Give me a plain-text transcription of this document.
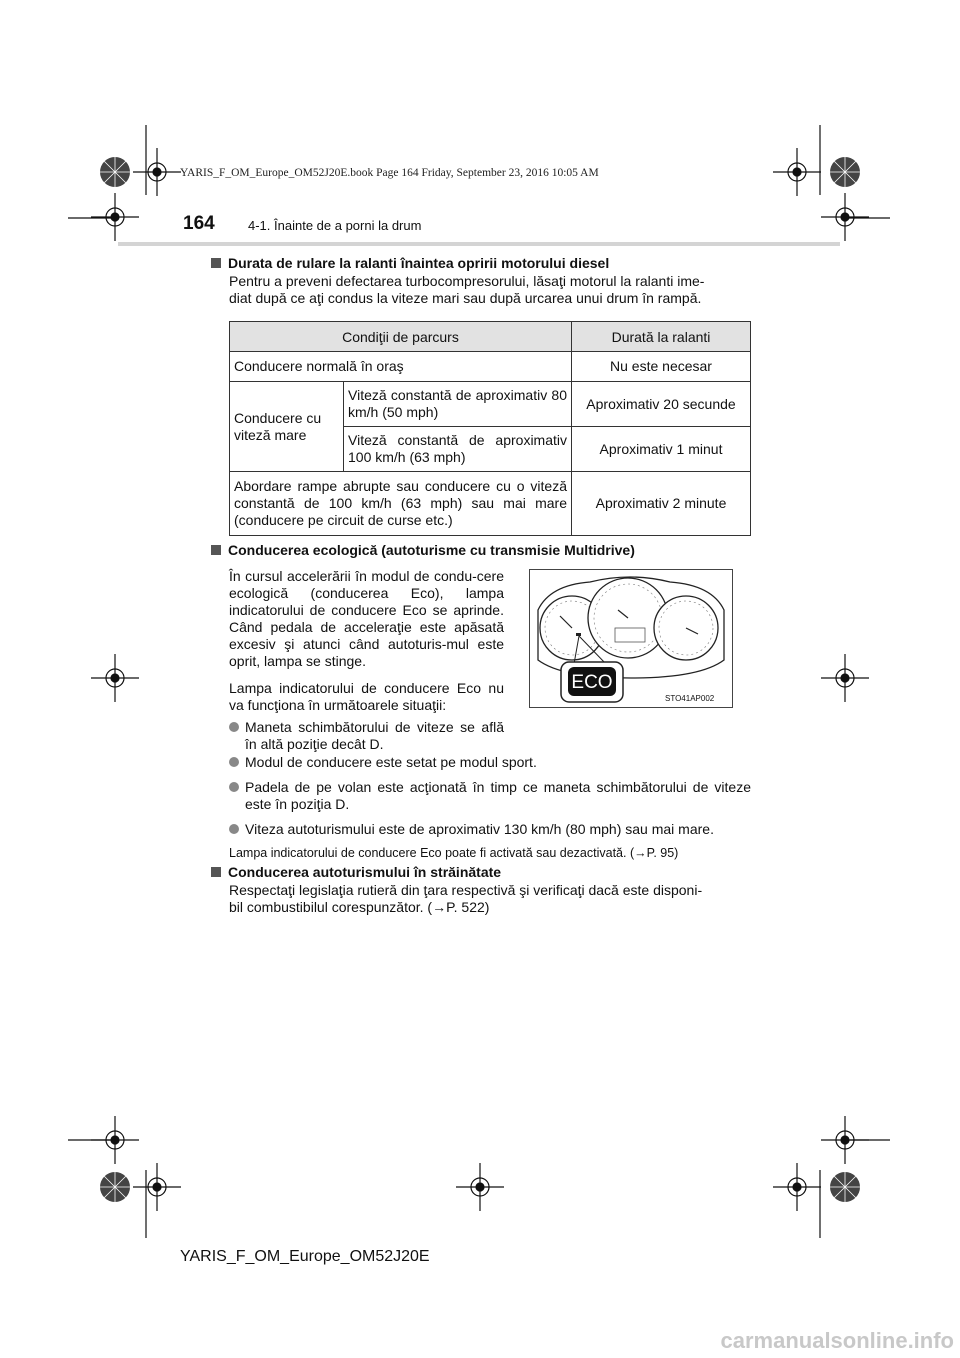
YARIS_F_OM_Europe_OM52J20E.book Page 164 Friday, September 23, 2016 10:05 AM
164	4-1. Înainte de a porni la drum
Durata de rulare la ralanti înaintea opririi motorului diesel
Pentru a preveni defectarea turbocompresorului, lăsaţi motorul la ralanti ime-
diat după ce aţi condus la viteze mari sau după urcarea unui drum în rampă.
Condiţii de parcurs		Durată la ralanti
Conducere normală în oraş		Nu este necesar
Conducere cu viteză mare	Viteză constantă de aproximativ 80 km/h (50 mph)	Aproximativ 20 secunde
	Viteză constantă de aproximativ 100 km/h (63 mph)	Aproximativ 1 minut
Abordare rampe abrupte sau conducere cu o viteză constantă de 100 km/h (63 mph) sau mai mare (conducere pe circuit de curse etc.)		Aproximativ 2 minute
Conducerea ecologică (autoturisme cu transmisie Multidrive)
În cursul accelerării în modul de condu-cere ecologică (conducerea Eco), lampa indicatorului de conducere Eco se aprinde. Când pedala de acceleraţie este apăsată excesiv şi atunci când autoturis-mul este oprit, lampa se stinge.
Lampa indicatorului de conducere Eco nu va funcţiona în următoarele situaţii:
Maneta schimbătorului de viteze se află în altă poziţie decât D.
Modul de conducere este setat pe modul sport.
Padela de pe volan este acţionată în timp ce maneta schimbătorului de viteze este în poziţia D.
Viteza autoturismului este de aproximativ 130 km/h (80 mph) sau mai mare.
Lampa indicatorului de conducere Eco poate fi activată sau dezactivată. (→P. 95)
ECO
STO41AP002
Conducerea autoturismului în străinătate
Respectaţi legislaţia rutieră din ţara respectivă şi verificaţi dacă este disponi-
bil combustibilul corespunzător. (→P. 522)
YARIS_F_OM_Europe_OM52J20E
carmanualsonline.info
